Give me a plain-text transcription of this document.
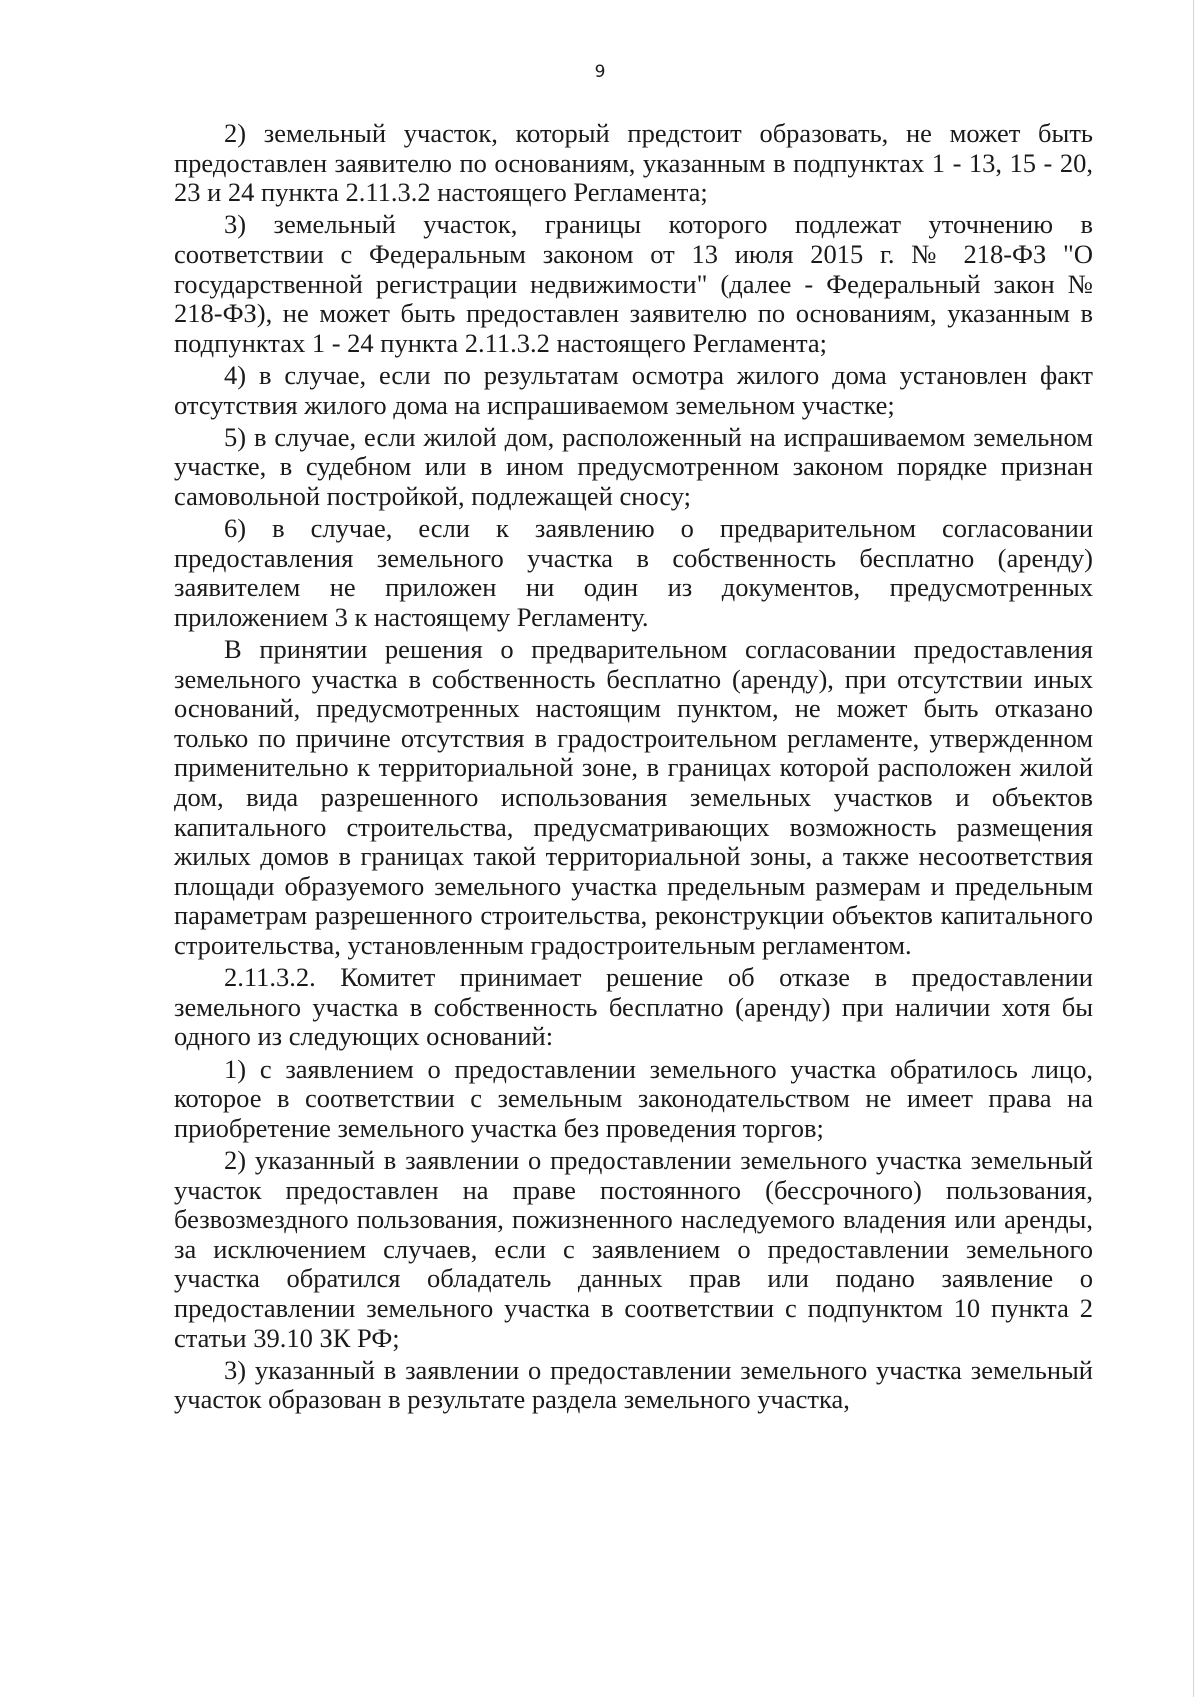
9

2) земельный участок, который предстоит образовать, не может быть предоставлен заявителю по основаниям, указанным в подпунктах 1 - 13, 15 - 20, 23 и 24 пункта 2.11.3.2 настоящего Регламента;

3) земельный участок, границы которого подлежат уточнению в соответствии с Федеральным законом от 13 июля 2015 г. № 218-ФЗ "О государственной регистрации недвижимости" (далее - Федеральный закон № 218-ФЗ), не может быть предоставлен заявителю по основаниям, указанным в подпунктах 1 - 24 пункта 2.11.3.2 настоящего Регламента;

4) в случае, если по результатам осмотра жилого дома установлен факт отсутствия жилого дома на испрашиваемом земельном участке;

5) в случае, если жилой дом, расположенный на испрашиваемом земельном участке, в судебном или в ином предусмотренном законом порядке признан самовольной постройкой, подлежащей сносу;

6) в случае, если к заявлению о предварительном согласовании предоставления земельного участка в собственность бесплатно (аренду) заявителем не приложен ни один из документов, предусмотренных приложением 3 к настоящему Регламенту.

В принятии решения о предварительном согласовании предоставления земельного участка в собственность бесплатно (аренду), при отсутствии иных оснований, предусмотренных настоящим пунктом, не может быть отказано только по причине отсутствия в градостроительном регламенте, утвержденном применительно к территориальной зоне, в границах которой расположен жилой дом, вида разрешенного использования земельных участков и объектов капитального строительства, предусматривающих возможность размещения жилых домов в границах такой территориальной зоны, а также несоответствия площади образуемого земельного участка предельным размерам и предельным параметрам разрешенного строительства, реконструкции объектов капитального строительства, установленным градостроительным регламентом.

2.11.3.2. Комитет принимает решение об отказе в предоставлении земельного участка в собственность бесплатно (аренду) при наличии хотя бы одного из следующих оснований:

1) с заявлением о предоставлении земельного участка обратилось лицо, которое в соответствии с земельным законодательством не имеет права на приобретение земельного участка без проведения торгов;

2) указанный в заявлении о предоставлении земельного участка земельный участок предоставлен на праве постоянного (бессрочного) пользования, безвозмездного пользования, пожизненного наследуемого владения или аренды, за исключением случаев, если с заявлением о предоставлении земельного участка обратился обладатель данных прав или подано заявление о предоставлении земельного участка в соответствии с подпунктом 10 пункта 2 статьи 39.10 ЗК РФ;

3) указанный в заявлении о предоставлении земельного участка земельный участок образован в результате раздела земельного участка,
